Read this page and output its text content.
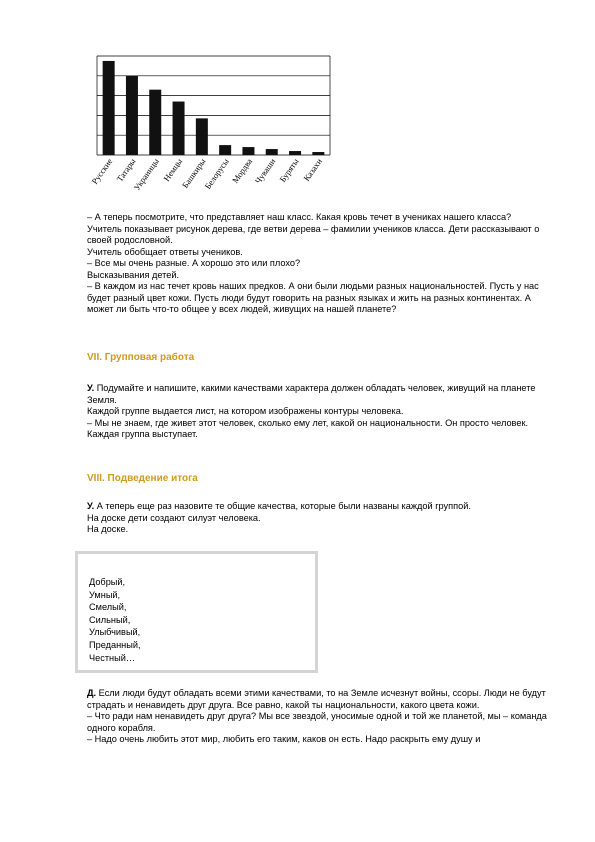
Русские Татары
Украинцы Немцы
Башкиры
Белорусы Мордва
Чуваши Буряты Казахи

– А теперь посмотрите, что представляет наш класс. Какая кровь течет в учениках нашего класса?

Учитель показывает рисунок дерева, где ветви дерева – фамилии учеников класса. Дети рассказывают о своей родословной.

Учитель обобщает ответы учеников.

– Все мы очень разные. А хорошо это или плохо?

Высказывания детей.

– В каждом из нас течет кровь наших предков. А они были людьми разных национальностей. Пусть у нас будет разный цвет кожи. Пусть люди будут говорить на разных языках и жить на разных континентах. А может ли быть что-то общее у всех людей, живущих на нашей планете?

VII. Групповая работа

У. Подумайте и напишите, какими качествами характера должен обладать человек, живущий на планете Земля.

Каждой группе выдается лист, на котором изображены контуры человека.

– Мы не знаем, где живет этот человек, сколько ему лет, какой он национальности. Он просто человек.

Каждая группа выступает.

VIII. Подведение итога

У. А теперь еще раз назовите те общие качества, которые были названы каждой группой.

На доске дети создают силуэт человека.

На доске.

Добрый,
Умный,
Смелый,
Сильный,
Улыбчивый,
Преданный,
Честный…

Д. Если люди будут обладать всеми этими качествами, то на Земле исчезнут войны, ссоры. Люди не будут страдать и ненавидеть друг друга. Все равно, какой ты национальности, какого цвета кожи.

– Что ради нам ненавидеть друг друга? Мы все звездой, уносимые одной и той же планетой, мы – команда одного корабля.

– Надо очень любить этот мир, любить его таким, каков он есть. Надо раскрыть ему душу и
